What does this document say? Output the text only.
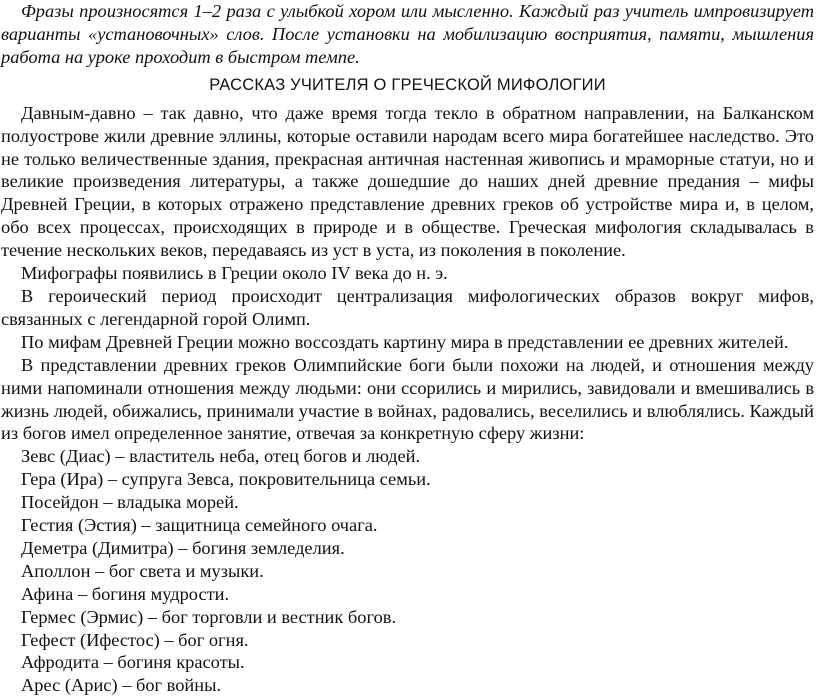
Фразы произносятся 1–2 раза с улыбкой хором или мысленно. Каждый раз учитель импровизирует варианты «установочных» слов. После установки на мобилизацию восприятия, памяти, мышления работа на уроке проходит в быстром темпе.

РАССКАЗ УЧИТЕЛЯ О ГРЕЧЕСКОЙ МИФОЛОГИИ

Давным-давно – так давно, что даже время тогда текло в обратном направлении, на Балканском полуострове жили древние эллины, которые оставили народам всего мира богатейшее наследство. Это не только величественные здания, прекрасная античная настенная живопись и мраморные статуи, но и великие произведения литературы, а также дошедшие до наших дней древние предания – мифы Древней Греции, в которых отражено представление древних греков об устройстве мира и, в целом, обо всех процессах, происходящих в природе и в обществе. Греческая мифология складывалась в течение нескольких веков, передаваясь из уст в уста, из поколения в поколение.

Мифографы появились в Греции около IV века до н. э.

В героический период происходит централизация мифологических образов вокруг мифов, связанных с легендарной горой Олимп.

По мифам Древней Греции можно воссоздать картину мира в представлении ее древних жителей.

В представлении древних греков Олимпийские боги были похожи на людей, и отношения между ними напоминали отношения между людьми: они ссорились и мирились, завидовали и вмешивались в жизнь людей, обижались, принимали участие в войнах, радовались, веселились и влюблялись. Каждый из богов имел определенное занятие, отвечая за конкретную сферу жизни:

Зевс (Диас) – властитель неба, отец богов и людей.

Гера (Ира) – супруга Зевса, покровительница семьи.

Посейдон – владыка морей.

Гестия (Эстия) – защитница семейного очага.

Деметра (Димитра) – богиня земледелия.

Аполлон – бог света и музыки.

Афина – богиня мудрости.

Гермес (Эрмис) – бог торговли и вестник богов.

Гефест (Ифестос) – бог огня.

Афродита – богиня красоты.

Арес (Арис) – бог войны.
